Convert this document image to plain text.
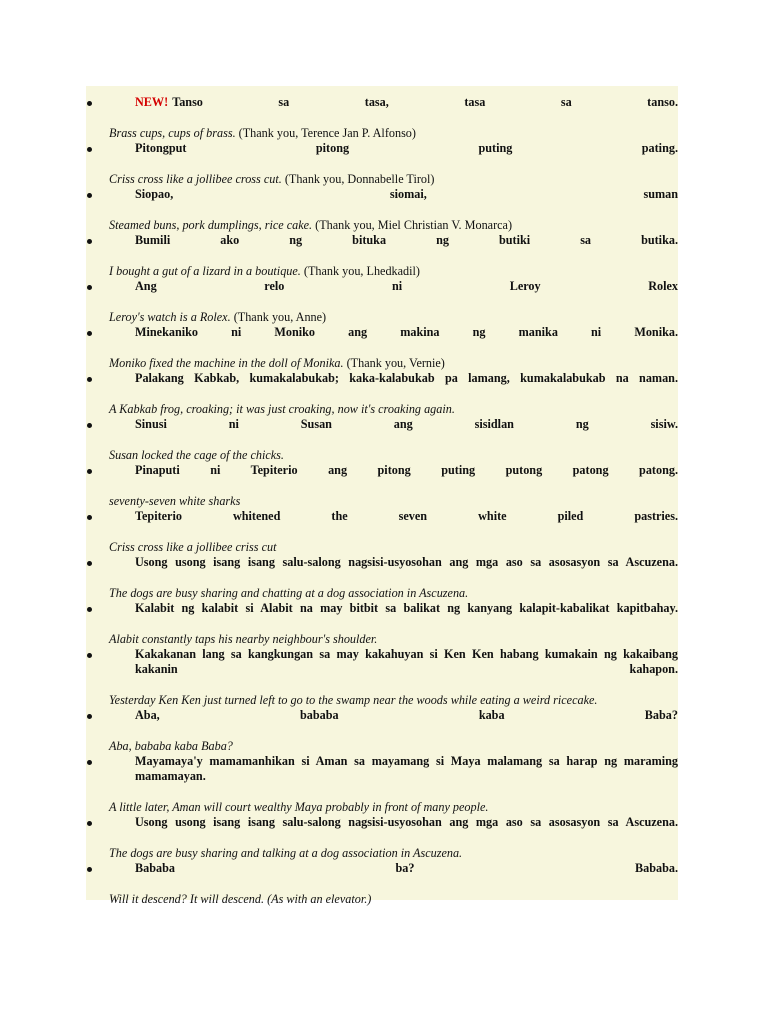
NEW! Tanso sa tasa, tasa sa tanso.

Brass cups, cups of brass. (Thank you, Terence Jan P. Alfonso)

Pitongput pitong puting pating.

Criss cross like a jollibee cross cut. (Thank you, Donnabelle Tirol)

Siopao, siomai, suman

Steamed buns, pork dumplings, rice cake. (Thank you, Miel Christian V. Monarca)

Bumili ako ng bituka ng butiki sa butika.

I bought a gut of a lizard in a boutique. (Thank you, Lhedkadil)

Ang relo ni Leroy Rolex

Leroy's watch is a Rolex. (Thank you, Anne)

Minekaniko ni Moniko ang makina ng manika ni Monika.

Moniko fixed the machine in the doll of Monika. (Thank you, Vernie)

Palakang Kabkab, kumakalabukab; kaka-kalabukab pa lamang, kumakalabukab na naman.

A Kabkab frog, croaking; it was just croaking, now it's croaking again.

Sinusi ni Susan ang sisidlan ng sisiw.

Susan locked the cage of the chicks.

Pinaputi ni Tepiterio ang pitong puting putong patong patong.

seventy-seven white sharks

Tepiterio whitened the seven white piled pastries.

Criss cross like a jollibee criss cut

Usong usong isang isang salu-salong nagsisi-usyosohan ang mga aso sa asosasyon sa Ascuzena.

The dogs are busy sharing and chatting at a dog association in Ascuzena.

Kalabit ng kalabit si Alabit na may bitbit sa balikat ng kanyang kalapit-kabalikat kapitbahay.

Alabit constantly taps his nearby neighbour's shoulder.

Kakakanan lang sa kangkungan sa may kakahuyan si Ken Ken habang kumakain ng kakaibang kakanin kahapon.

Yesterday Ken Ken just turned left to go to the swamp near the woods while eating a weird ricecake.

Aba, bababa kaba Baba?

Aba, bababa kaba Baba?

Mayamaya'y mamamanhikan si Aman sa mayamang si Maya malamang sa harap ng maraming mamamayan.

A little later, Aman will court wealthy Maya probably in front of many people.

Usong usong isang isang salu-salong nagsisi-usyosohan ang mga aso sa asosasyon sa Ascuzena.

The dogs are busy sharing and talking at a dog association in Ascuzena.

Bababa ba? Bababa.

Will it descend? It will descend. (As with an elevator.)
